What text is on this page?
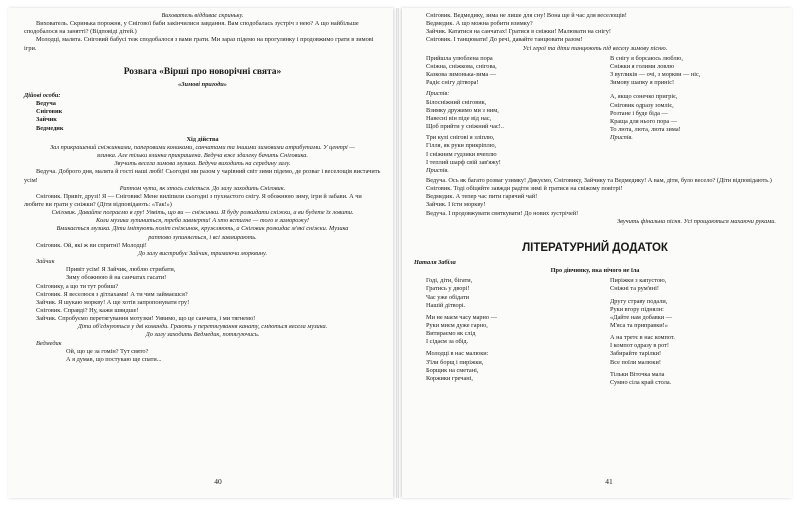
Вихователь віддиває скриньку.

Вихователь. Скринька порожня, у Снігової баби закінчилися завдання. Вам сподобалась зустріч з нею? А що найбільше сподобалося на заняттi? (Відповіді дітей.)

Молодці, малята. Сніговий бабусі теж сподобалося з вами грати. Ми зараз підемо на прогулянку і продовжимо грати в зимові ігри.

Розвага «Вірші про новорічні свята»

«Зимові пригоди»

Дійові особи:

Ведуча

Сніговик

Зайчик

Ведмедик

Хід дійства

Зал прикрашений сніжинками, паперовими кониками, санчатами та іншими зимовими атрибутами. У центрі — ялинка. Але тільки ялинка прикрашена. Ведуча вже здалеку бачить Сніговика.

Звучить весела зимова музика. Ведуча виходить на середину залу.

Ведуча. Доброго дня, малята й гості наші любі! Сьогодні ми разом у чарівний світ зими підемо, де розваг і веселощів вистачить усім!

Раптом чути, як хтось сміється. До залу заходить Сніговик.

Сніговик. Привіт, друзі! Я — Сніговик! Мене виліпили сьогодні з пухнастого снігу. Я обожнюю зиму, ігри й забави. А чи любите ви грати у сніжки? (Діти відповідають: «Так!»)

Сніговик. Давайте пограємо в гру! Уявіть, що ви — сніжинки. Я буду розкидати сніжки, а ви будете їх ловити. Коли музика зупиниться, треба завмерти! А хто встигне — того я заморожу!

Вмикається музика. Діти імітують політ сніжинок, кружляють, а Сніговик розкидає м'які сніжки. Музика раптово зупиняється, і всі завмирають.

Сніговик. Ой, які ж ви спритні! Молодці!

До залу вистрибує Зайчик, тримаючи морквину.

Зайчик

Привіт усім! Я Зайчик, люблю стрибати,

Зиму обожнюю й на санчатах гасати!

Сніговику, а що ти тут робиш?

Сніговик. Я веселюся з дітлахами! А ти чим займаєшся?

Зайчик. Я шукаю моркву! А ще хотів запропонувати гру!

Сніговик. Справді? Ну, кажи швидше!

Зайчик. Спробуємо перетягування мотузки! Уявимо, що це санчата, і ми тягнемо!

Діти об'єднуються у дві команди. Грають у перетягування канату, сміються весела музика.

До залу заходить Ведмедик, потягуючись.

Ведмедик

Ой, що це за гомін? Тут свято?

А я думав, що постукаю ще спати...

40

Сніговик. Ведмедику, зима не лише для сну! Вона ще й час для веселощів!

Ведмедик. А що можна робити взимку?

Зайчик. Кататися на санчатах! Гратися в сніжки! Малювати на снігу!

Сніговик. І танцювати! До речі, давайте танцювати разом!

Усі герої та діти танцюють під веселу зимову пісню.

Прийшла улюблена пора

Сніжна, сніжкова, снігова,

Казкова зимонька-зима —

Радіє снігу дітвора!

Приспів:

Білосніжний сніговик,

Взимку дружимо ми з ним,

Навесні він піде від нас,

Щоб прийти у сніжний час!..

Три кулі снігові я зліплю,

Гілля, як руки прикріплю,

І сніжним гудзики вчеплю

І теплий шарф свій зав'яжу!

Приспів.

В снігу я борсаюсь люблю,

Сніжки я голими ловлю

З вугликів — очі, з моркви — ніс,

Зимову шапку я приніс!

А, якщо сонечко пригріє,

Сніговик одразу зомліє,

Розтане і буде біда —

Краща для нього пора —

То лютa, люта, люта зима!

Приспів.

Ведуча. Ось як багато розваг узимку! Дякуємо, Сніговику, Зайчику та Ведмедику! А вам, діти, було весело? (Діти відповідають.)

Сніговик. Тоді обіцяйте завжди радіти зимі й гратися на свіжому повітрі!

Ведмедик. А тепер час пити гарячий чай!

Зайчик. І їсти моркву!

Ведуча. І продовжувати святкувати! До нових зустрічей!

Звучить фінальна пісня. Усі прощаються махаючи руками.

ЛІТЕРАТУРНИЙ ДОДАТОК

Наталя Забіла

Про дівчинку, яка нічого не їла

Годі, діти, бігати,

Гратись у дворі!

Час уже обідати

Нашій дітворі.

Ми не маєм часу марно —

Руки миєм дуже гарно,

Витираємо як слід

І сідаєм за обід.

Молодці в нас малюки:

З'їли борщ і пиріжки,

Борщик на сметані,

Коржики гречані,

Пиріжки з капустою,

Сніжні та рум'яні!

Другу страву подали,

Руки вгору піднялн:

«Дайте нам добавки —

М'яса та приправки!»

А на третє в нас компот.

І компот одразу в рот!

Забирайте тарілки!

Все поїли малюки!

Тільки Віточка мала

Сумно сіла край стола.

41
